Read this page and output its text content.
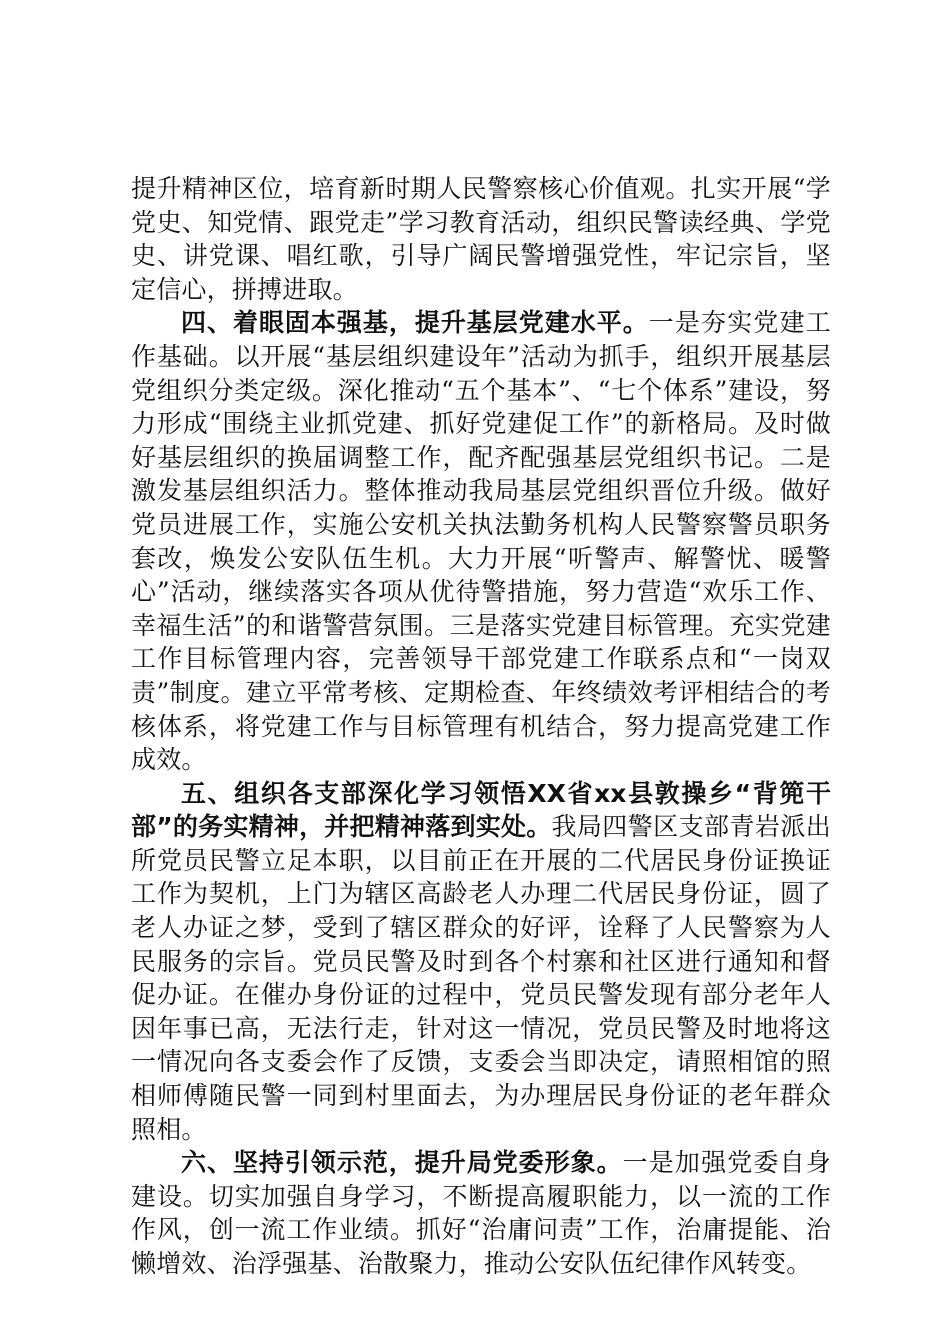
提升精神区位，培育新时期人民警察核心价值观。扎实开展“学党史、知党情、跟党走”学习教育活动，组织民警读经典、学党史、讲党课、唱红歌，引导广阔民警增强党性，牢记宗旨，坚定信心，拼搏进取。

四、着眼固本强基，提升基层党建水平。一是夯实党建工作基础。以开展“基层组织建设年”活动为抓手，组织开展基层党组织分类定级。深化推动“五个基本”、“七个体系”建设，努力形成“围绕主业抓党建、抓好党建促工作”的新格局。及时做好基层组织的换届调整工作，配齐配强基层党组织书记。二是激发基层组织活力。整体推动我局基层党组织晋位升级。做好党员进展工作，实施公安机关执法勤务机构人民警察警员职务套改，焕发公安队伍生机。大力开展“听警声、解警忧、暖警心”活动，继续落实各项从优待警措施，努力营造“欢乐工作、幸福生活”的和谐警营氛围。三是落实党建目标管理。充实党建工作目标管理内容，完善领导干部党建工作联系点和“一岗双责”制度。建立平常考核、定期检查、年终绩效考评相结合的考核体系，将党建工作与目标管理有机结合，努力提高党建工作成效。

五、组织各支部深化学习领悟XX省xx县敦操乡“背篼干部”的务实精神，并把精神落到实处。我局四警区支部青岩派出所党员民警立足本职，以目前正在开展的二代居民身份证换证工作为契机，上门为辖区高龄老人办理二代居民身份证，圆了老人办证之梦，受到了辖区群众的好评，诠释了人民警察为人民服务的宗旨。党员民警及时到各个村寨和社区进行通知和督促办证。在催办身份证的过程中，党员民警发现有部分老年人因年事已高，无法行走，针对这一情况，党员民警及时地将这一情况向各支委会作了反馈，支委会当即决定，请照相馆的照相师傅随民警一同到村里面去，为办理居民身份证的老年群众照相。

六、坚持引领示范，提升局党委形象。一是加强党委自身建设。切实加强自身学习，不断提高履职能力，以一流的工作作风，创一流工作业绩。抓好“治庸问责”工作，治庸提能、治懒增效、治浮强基、治散聚力，推动公安队伍纪律作风转变。
